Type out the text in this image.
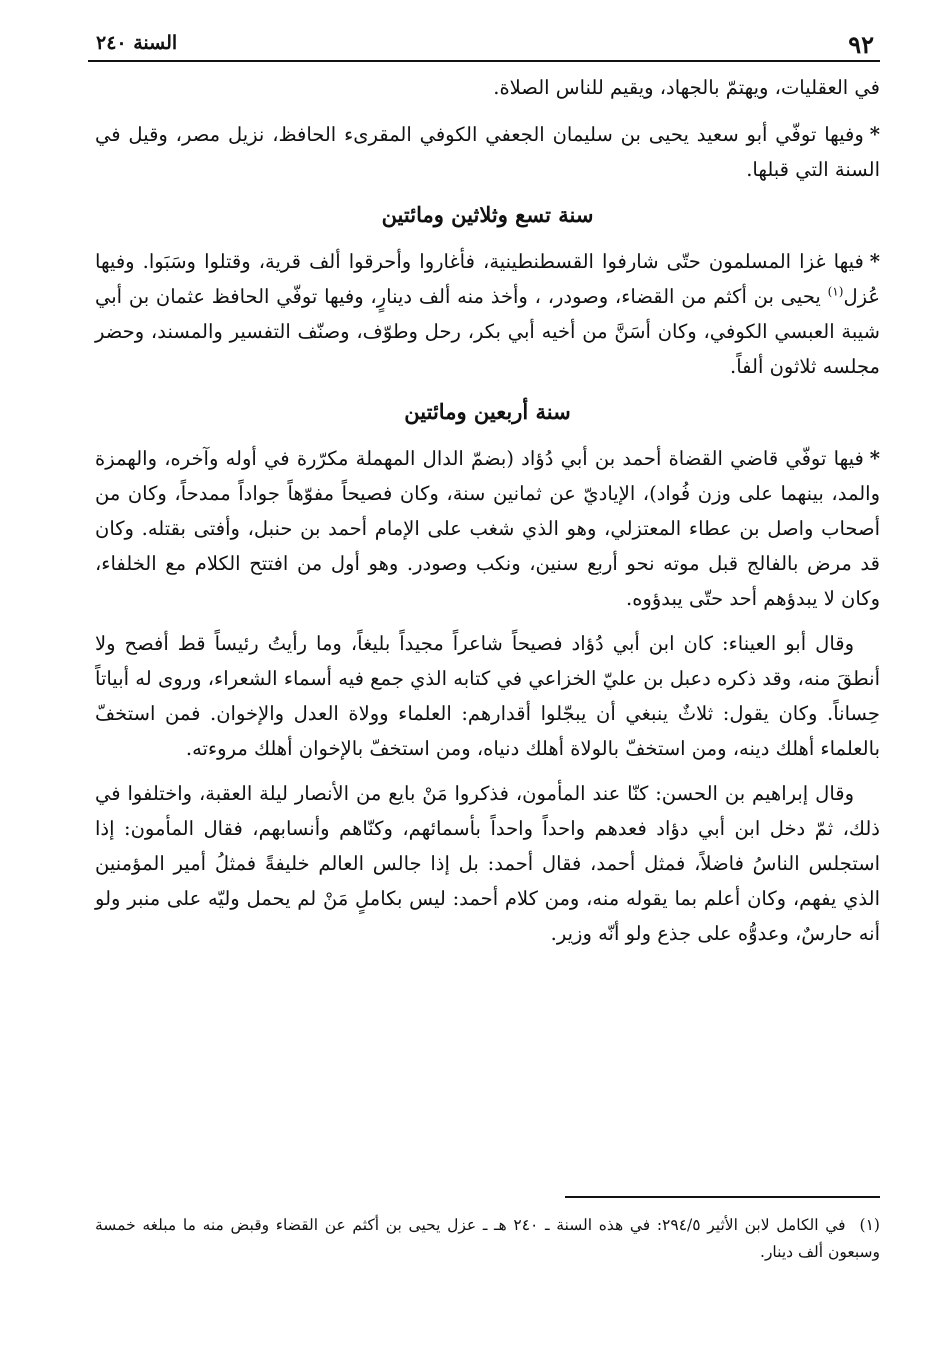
٩٢
السنة ٢٤٠

في العقليات، ويهتمّ بالجهاد، ويقيم للناس الصلاة.

*وفيها توفّي أبو سعيد يحيى بن سليمان الجعفي الكوفي المقرىء الحافظ، نزيل مصر، وقيل في السنة التي قبلها.

سنة تسع وثلاثين ومائتين

*فيها غزا المسلمون حتّى شارفوا القسطنطينية، فأغاروا وأحرقوا ألف قرية، وقتلوا وسَبَوا. وفيها عُزل$^{(١)}$ يحيى بن أكثم من القضاء، وصودر، ، وأخذ منه ألف دينارٍ، وفيها توفّي الحافظ عثمان بن أبي شيبة العبسي الكوفي، وكان أسَنَّ من أخيه أبي بكر، رحل وطوّف، وصنّف التفسير والمسند، وحضر مجلسه ثلاثون ألفاً.

سنة أربعين ومائتين

*فيها توفّي قاضي القضاة أحمد بن أبي دُؤاد (بضمّ الدال المهملة مكرّرة في أوله وآخره، والهمزة والمد، بينهما على وزن فُواد)، الإياديّ عن ثمانين سنة، وكان فصيحاً مفوّهاً جواداً ممدحاً، وكان من أصحاب واصل بن عطاء المعتزلي، وهو الذي شغب على الإمام أحمد بن حنبل، وأفتى بقتله. وكان قد مرض بالفالج قبل موته نحو أربع سنين، ونكب وصودر. وهو أول من افتتح الكلام مع الخلفاء، وكان لا يبدؤهم أحد حتّى يبدؤوه.

وقال أبو العيناء: كان ابن أبي دُؤاد فصيحاً شاعراً مجيداً بليغاً، وما رأيتُ رئيساً قط أفصح ولا أنطقَ منه، وقد ذكره دعبل بن عليّ الخزاعي في كتابه الذي جمع فيه أسماء الشعراء، وروى له أبياتاً حِساناً. وكان يقول: ثلاثٌ ينبغي أن يبجّلوا أقدارهم: العلماء وولاة العدل والإخوان. فمن استخفّ بالعلماء أهلك دينه، ومن استخفّ بالولاة أهلك دنياه، ومن استخفّ بالإخوان أهلك مروءته.

وقال إبراهيم بن الحسن: كنّا عند المأمون، فذكروا مَنْ بايع من الأنصار ليلة العقبة، واختلفوا في ذلك، ثمّ دخل ابن أبي دؤاد فعدهم واحداً واحداً بأسمائهم، وكنّاهم وأنسابهم، فقال المأمون: إذا استجلس الناسُ فاضلاً، فمثل أحمد، فقال أحمد: بل إذا جالس العالم خليفةً فمثلُ أمير المؤمنين الذي يفهم، وكان أعلم بما يقوله منه، ومن كلام أحمد: ليس بكاملٍ مَنْ لم يحمل وليّه على منبر ولو أنه حارسٌ، وعدوُّه على جذع ولو أنّه وزير.

(١)في الكامل لابن الأثير ٢٩٤/٥: في هذه السنة ـ ٢٤٠ هـ ـ عزل يحيى بن أكثم عن القضاء وقبض منه ما مبلغه خمسة وسبعون ألف دينار.
